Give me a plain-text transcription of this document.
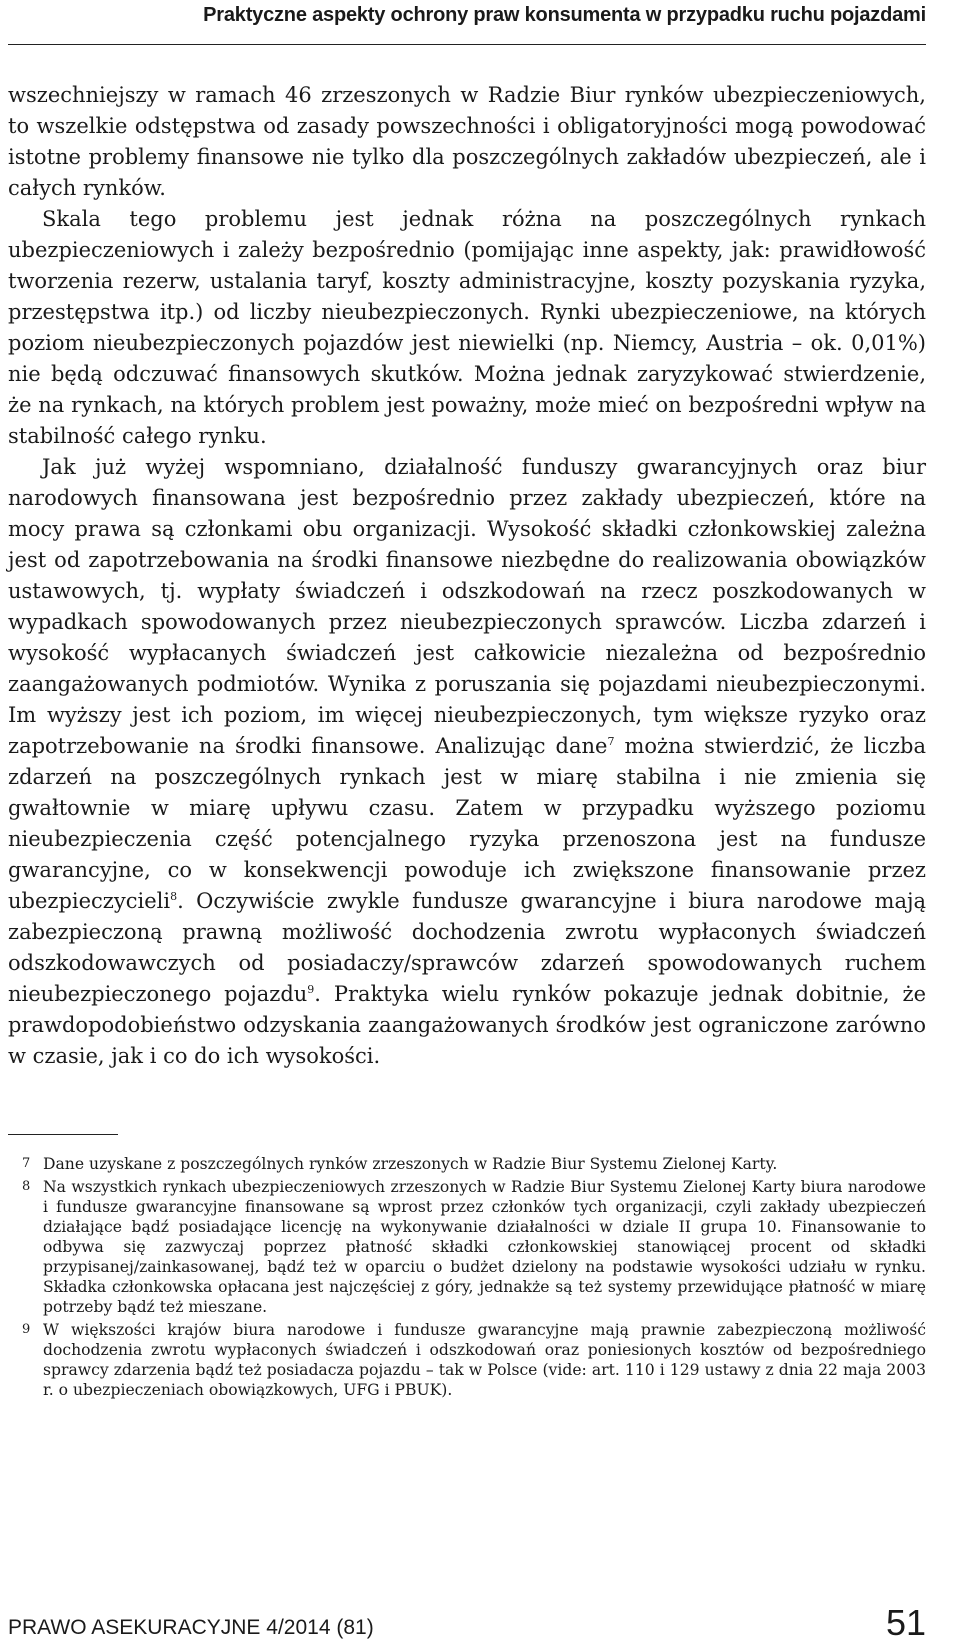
Praktyczne aspekty ochrony praw konsumenta w przypadku ruchu pojazdami

wszechniejszy w ramach 46 zrzeszonych w Radzie Biur rynków ubezpieczeniowych, to wszelkie odstępstwa od zasady powszechności i obligatoryjności mogą powodować istotne problemy finansowe nie tylko dla poszczególnych zakładów ubezpieczeń, ale i całych rynków.

Skala tego problemu jest jednak różna na poszczególnych rynkach ubezpieczeniowych i zależy bezpośrednio (pomijając inne aspekty, jak: prawidłowość tworzenia rezerw, ustalania taryf, koszty administracyjne, koszty pozyskania ryzyka, przestępstwa itp.) od liczby nieubezpieczonych. Rynki ubezpieczeniowe, na których poziom nieubezpieczonych pojazdów jest niewielki (np. Niemcy, Austria – ok. 0,01%) nie będą odczuwać finansowych skutków. Można jednak zaryzykować stwierdzenie, że na rynkach, na których problem jest poważny, może mieć on bezpośredni wpływ na stabilność całego rynku.

Jak już wyżej wspomniano, działalność funduszy gwarancyjnych oraz biur narodowych finansowana jest bezpośrednio przez zakłady ubezpieczeń, które na mocy prawa są członkami obu organizacji. Wysokość składki członkowskiej zależna jest od zapotrzebowania na środki finansowe niezbędne do realizowania obowiązków ustawowych, tj. wypłaty świadczeń i odszkodowań na rzecz poszkodowanych w wypadkach spowodowanych przez nieubezpieczonych sprawców. Liczba zdarzeń i wysokość wypłacanych świadczeń jest całkowicie niezależna od bezpośrednio zaangażowanych podmiotów. Wynika z poruszania się pojazdami nieubezpieczonymi. Im wyższy jest ich poziom, im więcej nieubezpieczonych, tym większe ryzyko oraz zapotrzebowanie na środki finansowe. Analizując dane$^7$ można stwierdzić, że liczba zdarzeń na poszczególnych rynkach jest w miarę stabilna i nie zmienia się gwałtownie w miarę upływu czasu. Zatem w przypadku wyższego poziomu nieubezpieczenia część potencjalnego ryzyka przenoszona jest na fundusze gwarancyjne, co w konsekwencji powoduje ich zwiększone finansowanie przez ubezpieczycieli$^8$. Oczywiście zwykle fundusze gwarancyjne i biura narodowe mają zabezpieczoną prawną możliwość dochodzenia zwrotu wypłaconych świadczeń odszkodowawczych od posiadaczy/sprawców zdarzeń spowodowanych ruchem nieubezpieczonego pojazdu$^9$. Praktyka wielu rynków pokazuje jednak dobitnie, że prawdopodobieństwo odzyskania zaangażowanych środków jest ograniczone zarówno w czasie, jak i co do ich wysokości.

7 Dane uzyskane z poszczególnych rynków zrzeszonych w Radzie Biur Systemu Zielonej Karty.
8 Na wszystkich rynkach ubezpieczeniowych zrzeszonych w Radzie Biur Systemu Zielonej Karty biura narodowe i fundusze gwarancyjne finansowane są wprost przez członków tych organizacji, czyli zakłady ubezpieczeń działające bądź posiadające licencję na wykonywanie działalności w dziale II grupa 10. Finansowanie to odbywa się zazwyczaj poprzez płatność składki członkowskiej stanowiącej procent od składki przypisanej/zainkasowanej, bądź też w oparciu o budżet dzielony na podstawie wysokości udziału w rynku. Składka członkowska opłacana jest najczęściej z góry, jednakże są też systemy przewidujące płatność w miarę potrzeby bądź też mieszane.
9 W większości krajów biura narodowe i fundusze gwarancyjne mają prawnie zabezpieczoną możliwość dochodzenia zwrotu wypłaconych świadczeń i odszkodowań oraz poniesionych kosztów od bezpośredniego sprawcy zdarzenia bądź też posiadacza pojazdu – tak w Polsce (vide: art. 110 i 129 ustawy z dnia 22 maja 2003 r. o ubezpieczeniach obowiązkowych, UFG i PBUK).
PRAWO ASEKURACYJNE 4/2014 (81)	51
